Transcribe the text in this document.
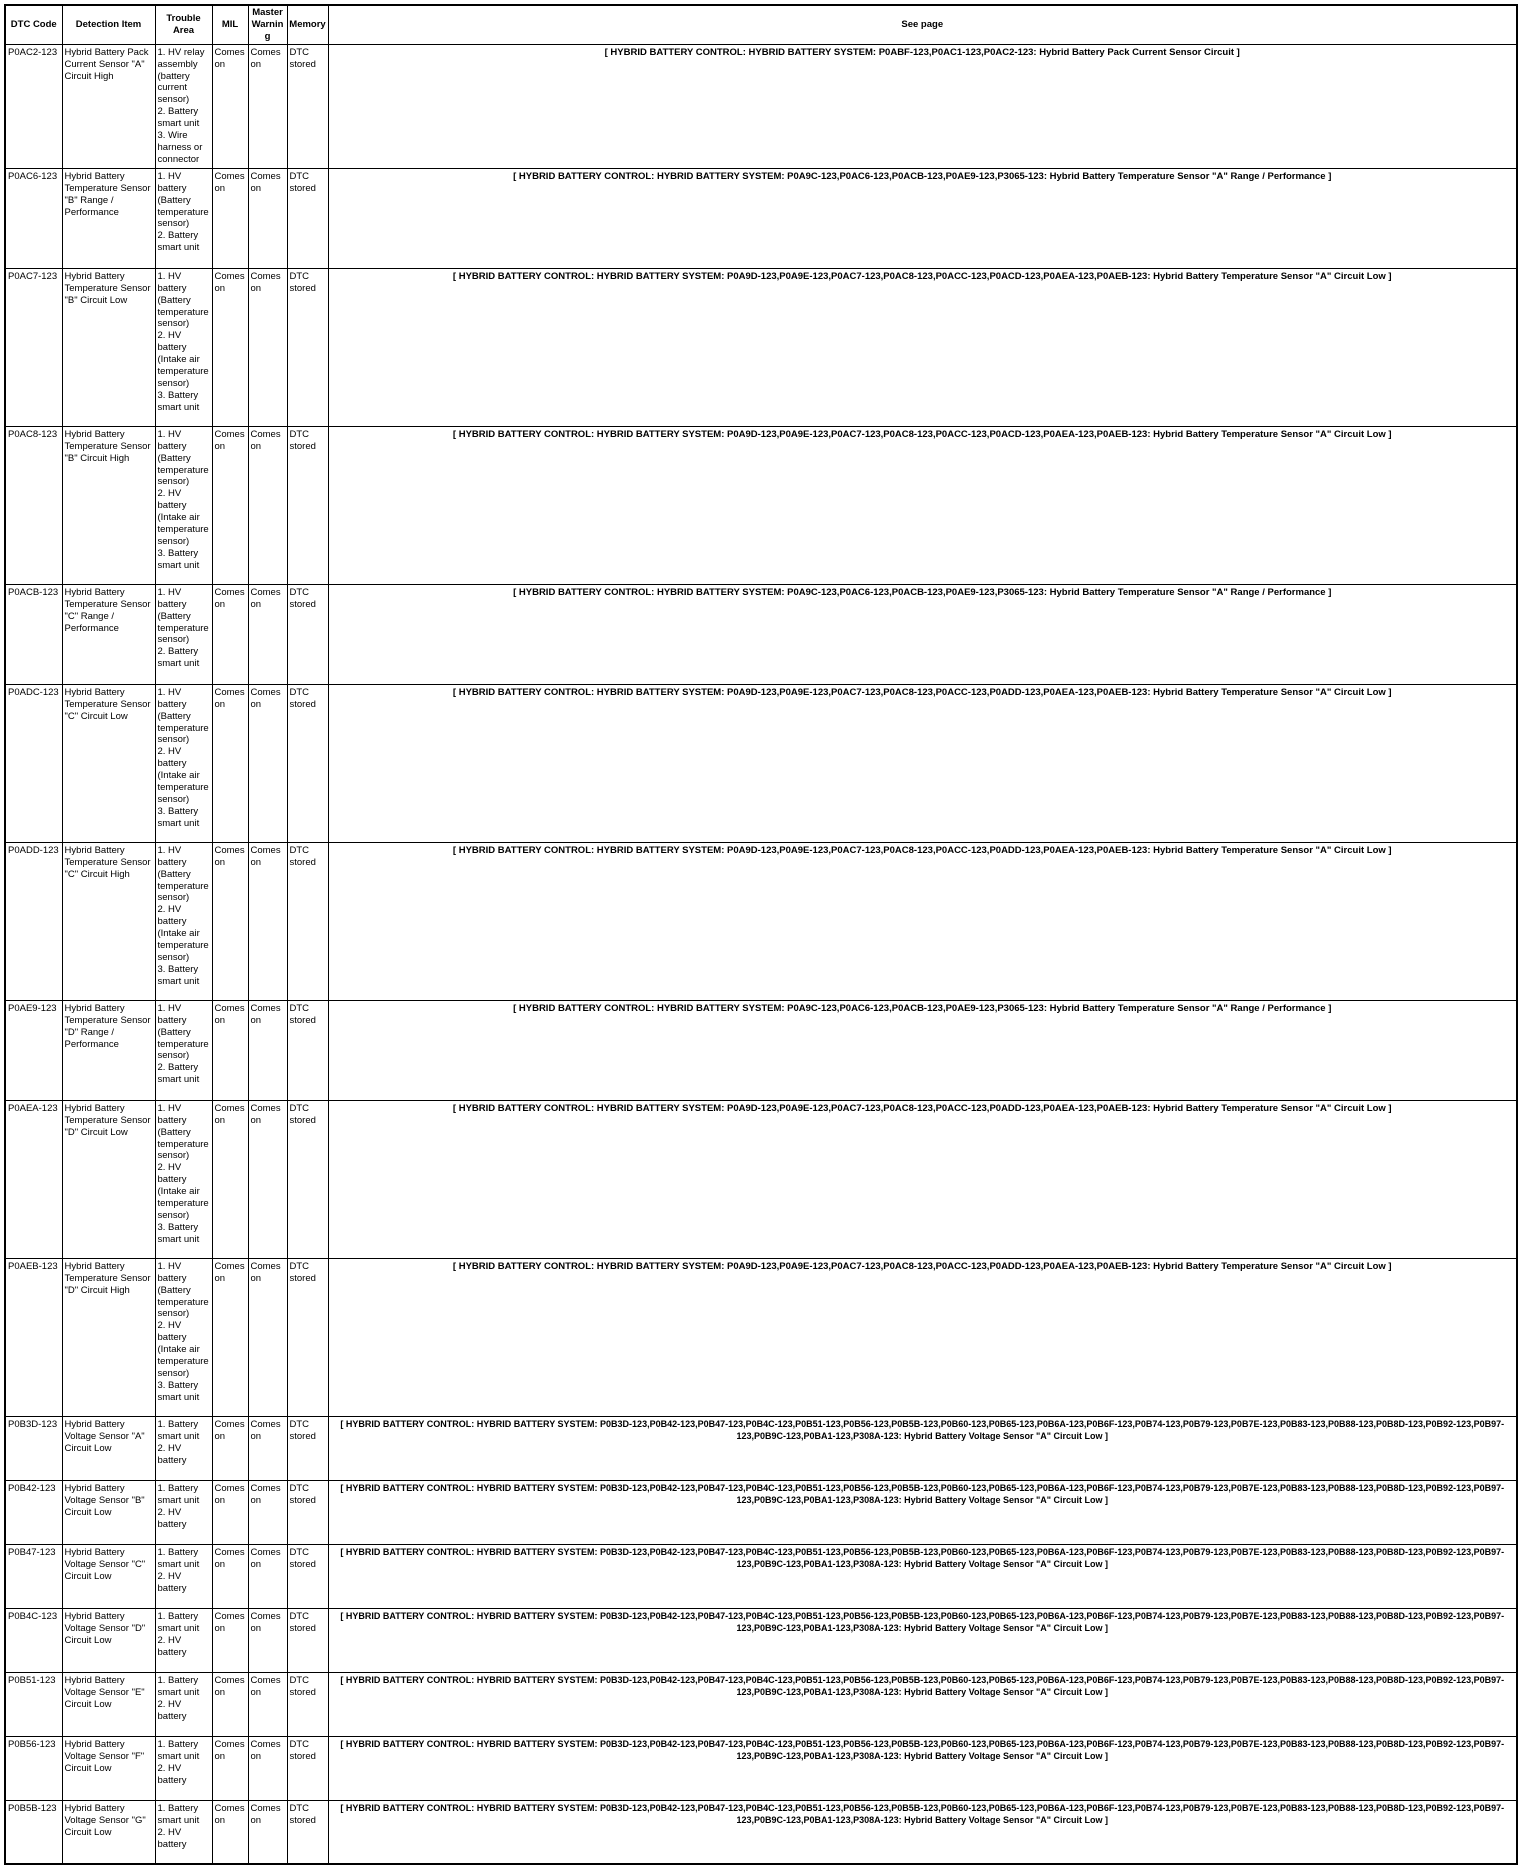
DTC Code	Detection Item	Trouble Area	MIL	Master Warning	Memory	See page
P0AC2-123	Hybrid Battery Pack Current Sensor "A" Circuit High	1. HV relay assembly (battery current sensor)
2. Battery smart unit
3. Wire harness or connector	Comes on	Comes on	DTC stored	[ HYBRID BATTERY CONTROL: HYBRID BATTERY SYSTEM: P0ABF-123,P0AC1-123,P0AC2-123: Hybrid Battery Pack Current Sensor Circuit ]
P0AC6-123	Hybrid Battery Temperature Sensor "B" Range / Performance	1. HV battery (Battery temperature sensor)
2. Battery smart unit	Comes on	Comes on	DTC stored	[ HYBRID BATTERY CONTROL: HYBRID BATTERY SYSTEM: P0A9C-123,P0AC6-123,P0ACB-123,P0AE9-123,P3065-123: Hybrid Battery Temperature Sensor "A" Range / Performance ]
P0AC7-123	Hybrid Battery Temperature Sensor "B" Circuit Low	1. HV battery (Battery temperature sensor)
2. HV battery (Intake air temperature sensor)
3. Battery smart unit	Comes on	Comes on	DTC stored	[ HYBRID BATTERY CONTROL: HYBRID BATTERY SYSTEM: P0A9D-123,P0A9E-123,P0AC7-123,P0AC8-123,P0ACC-123,P0ACD-123,P0AEA-123,P0AEB-123: Hybrid Battery Temperature Sensor "A" Circuit Low ]
P0AC8-123	Hybrid Battery Temperature Sensor "B" Circuit High	1. HV battery (Battery temperature sensor)
2. HV battery (Intake air temperature sensor)
3. Battery smart unit	Comes on	Comes on	DTC stored	[ HYBRID BATTERY CONTROL: HYBRID BATTERY SYSTEM: P0A9D-123,P0A9E-123,P0AC7-123,P0AC8-123,P0ACC-123,P0ACD-123,P0AEA-123,P0AEB-123: Hybrid Battery Temperature Sensor "A" Circuit Low ]
P0ACB-123	Hybrid Battery Temperature Sensor "C" Range / Performance	1. HV battery (Battery temperature sensor)
2. Battery smart unit	Comes on	Comes on	DTC stored	[ HYBRID BATTERY CONTROL: HYBRID BATTERY SYSTEM: P0A9C-123,P0AC6-123,P0ACB-123,P0AE9-123,P3065-123: Hybrid Battery Temperature Sensor "A" Range / Performance ]
P0ADC-123	Hybrid Battery Temperature Sensor "C" Circuit Low	1. HV battery (Battery temperature sensor)
2. HV battery (Intake air temperature sensor)
3. Battery smart unit	Comes on	Comes on	DTC stored	[ HYBRID BATTERY CONTROL: HYBRID BATTERY SYSTEM: P0A9D-123,P0A9E-123,P0AC7-123,P0AC8-123,P0ACC-123,P0ADD-123,P0AEA-123,P0AEB-123: Hybrid Battery Temperature Sensor "A" Circuit Low ]
P0ADD-123	Hybrid Battery Temperature Sensor "C" Circuit High	1. HV battery (Battery temperature sensor)
2. HV battery (Intake air temperature sensor)
3. Battery smart unit	Comes on	Comes on	DTC stored	[ HYBRID BATTERY CONTROL: HYBRID BATTERY SYSTEM: P0A9D-123,P0A9E-123,P0AC7-123,P0AC8-123,P0ACC-123,P0ADD-123,P0AEA-123,P0AEB-123: Hybrid Battery Temperature Sensor "A" Circuit Low ]
P0AE9-123	Hybrid Battery Temperature Sensor "D" Range / Performance	1. HV battery (Battery temperature sensor)
2. Battery smart unit	Comes on	Comes on	DTC stored	[ HYBRID BATTERY CONTROL: HYBRID BATTERY SYSTEM: P0A9C-123,P0AC6-123,P0ACB-123,P0AE9-123,P3065-123: Hybrid Battery Temperature Sensor "A" Range / Performance ]
P0AEA-123	Hybrid Battery Temperature Sensor "D" Circuit Low	1. HV battery (Battery temperature sensor)
2. HV battery (Intake air temperature sensor)
3. Battery smart unit	Comes on	Comes on	DTC stored	[ HYBRID BATTERY CONTROL: HYBRID BATTERY SYSTEM: P0A9D-123,P0A9E-123,P0AC7-123,P0AC8-123,P0ACC-123,P0ADD-123,P0AEA-123,P0AEB-123: Hybrid Battery Temperature Sensor "A" Circuit Low ]
P0AEB-123	Hybrid Battery Temperature Sensor "D" Circuit High	1. HV battery (Battery temperature sensor)
2. HV battery (Intake air temperature sensor)
3. Battery smart unit	Comes on	Comes on	DTC stored	[ HYBRID BATTERY CONTROL: HYBRID BATTERY SYSTEM: P0A9D-123,P0A9E-123,P0AC7-123,P0AC8-123,P0ACC-123,P0ADD-123,P0AEA-123,P0AEB-123: Hybrid Battery Temperature Sensor "A" Circuit Low ]
P0B3D-123	Hybrid Battery Voltage Sensor "A" Circuit Low	1. Battery smart unit
2. HV battery	Comes on	Comes on	DTC stored	[ HYBRID BATTERY CONTROL: HYBRID BATTERY SYSTEM: P0B3D-123,P0B42-123,P0B47-123,P0B4C-123,P0B51-123,P0B56-123,P0B5B-123,P0B60-123,P0B65-123,P0B6A-123,P0B6F-123,P0B74-123,P0B79-123,P0B7E-123,P0B83-123,P0B88-123,P0B8D-123,P0B92-123,P0B97-123,P0B9C-123,P0BA1-123,P308A-123: Hybrid Battery Voltage Sensor "A" Circuit Low ]
P0B42-123	Hybrid Battery Voltage Sensor "B" Circuit Low	1. Battery smart unit
2. HV battery	Comes on	Comes on	DTC stored	[ HYBRID BATTERY CONTROL: HYBRID BATTERY SYSTEM: P0B3D-123,P0B42-123,P0B47-123,P0B4C-123,P0B51-123,P0B56-123,P0B5B-123,P0B60-123,P0B65-123,P0B6A-123,P0B6F-123,P0B74-123,P0B79-123,P0B7E-123,P0B83-123,P0B88-123,P0B8D-123,P0B92-123,P0B97-123,P0B9C-123,P0BA1-123,P308A-123: Hybrid Battery Voltage Sensor "A" Circuit Low ]
P0B47-123	Hybrid Battery Voltage Sensor "C" Circuit Low	1. Battery smart unit
2. HV battery	Comes on	Comes on	DTC stored	[ HYBRID BATTERY CONTROL: HYBRID BATTERY SYSTEM: P0B3D-123,P0B42-123,P0B47-123,P0B4C-123,P0B51-123,P0B56-123,P0B5B-123,P0B60-123,P0B65-123,P0B6A-123,P0B6F-123,P0B74-123,P0B79-123,P0B7E-123,P0B83-123,P0B88-123,P0B8D-123,P0B92-123,P0B97-123,P0B9C-123,P0BA1-123,P308A-123: Hybrid Battery Voltage Sensor "A" Circuit Low ]
P0B4C-123	Hybrid Battery Voltage Sensor "D" Circuit Low	1. Battery smart unit
2. HV battery	Comes on	Comes on	DTC stored	[ HYBRID BATTERY CONTROL: HYBRID BATTERY SYSTEM: P0B3D-123,P0B42-123,P0B47-123,P0B4C-123,P0B51-123,P0B56-123,P0B5B-123,P0B60-123,P0B65-123,P0B6A-123,P0B6F-123,P0B74-123,P0B79-123,P0B7E-123,P0B83-123,P0B88-123,P0B8D-123,P0B92-123,P0B97-123,P0B9C-123,P0BA1-123,P308A-123: Hybrid Battery Voltage Sensor "A" Circuit Low ]
P0B51-123	Hybrid Battery Voltage Sensor "E" Circuit Low	1. Battery smart unit
2. HV battery	Comes on	Comes on	DTC stored	[ HYBRID BATTERY CONTROL: HYBRID BATTERY SYSTEM: P0B3D-123,P0B42-123,P0B47-123,P0B4C-123,P0B51-123,P0B56-123,P0B5B-123,P0B60-123,P0B65-123,P0B6A-123,P0B6F-123,P0B74-123,P0B79-123,P0B7E-123,P0B83-123,P0B88-123,P0B8D-123,P0B92-123,P0B97-123,P0B9C-123,P0BA1-123,P308A-123: Hybrid Battery Voltage Sensor "A" Circuit Low ]
P0B56-123	Hybrid Battery Voltage Sensor "F" Circuit Low	1. Battery smart unit
2. HV battery	Comes on	Comes on	DTC stored	[ HYBRID BATTERY CONTROL: HYBRID BATTERY SYSTEM: P0B3D-123,P0B42-123,P0B47-123,P0B4C-123,P0B51-123,P0B56-123,P0B5B-123,P0B60-123,P0B65-123,P0B6A-123,P0B6F-123,P0B74-123,P0B79-123,P0B7E-123,P0B83-123,P0B88-123,P0B8D-123,P0B92-123,P0B97-123,P0B9C-123,P0BA1-123,P308A-123: Hybrid Battery Voltage Sensor "A" Circuit Low ]
P0B5B-123	Hybrid Battery Voltage Sensor "G" Circuit Low	1. Battery smart unit
2. HV battery	Comes on	Comes on	DTC stored	[ HYBRID BATTERY CONTROL: HYBRID BATTERY SYSTEM: P0B3D-123,P0B42-123,P0B47-123,P0B4C-123,P0B51-123,P0B56-123,P0B5B-123,P0B60-123,P0B65-123,P0B6A-123,P0B6F-123,P0B74-123,P0B79-123,P0B7E-123,P0B83-123,P0B88-123,P0B8D-123,P0B92-123,P0B97-123,P0B9C-123,P0BA1-123,P308A-123: Hybrid Battery Voltage Sensor "A" Circuit Low ]
